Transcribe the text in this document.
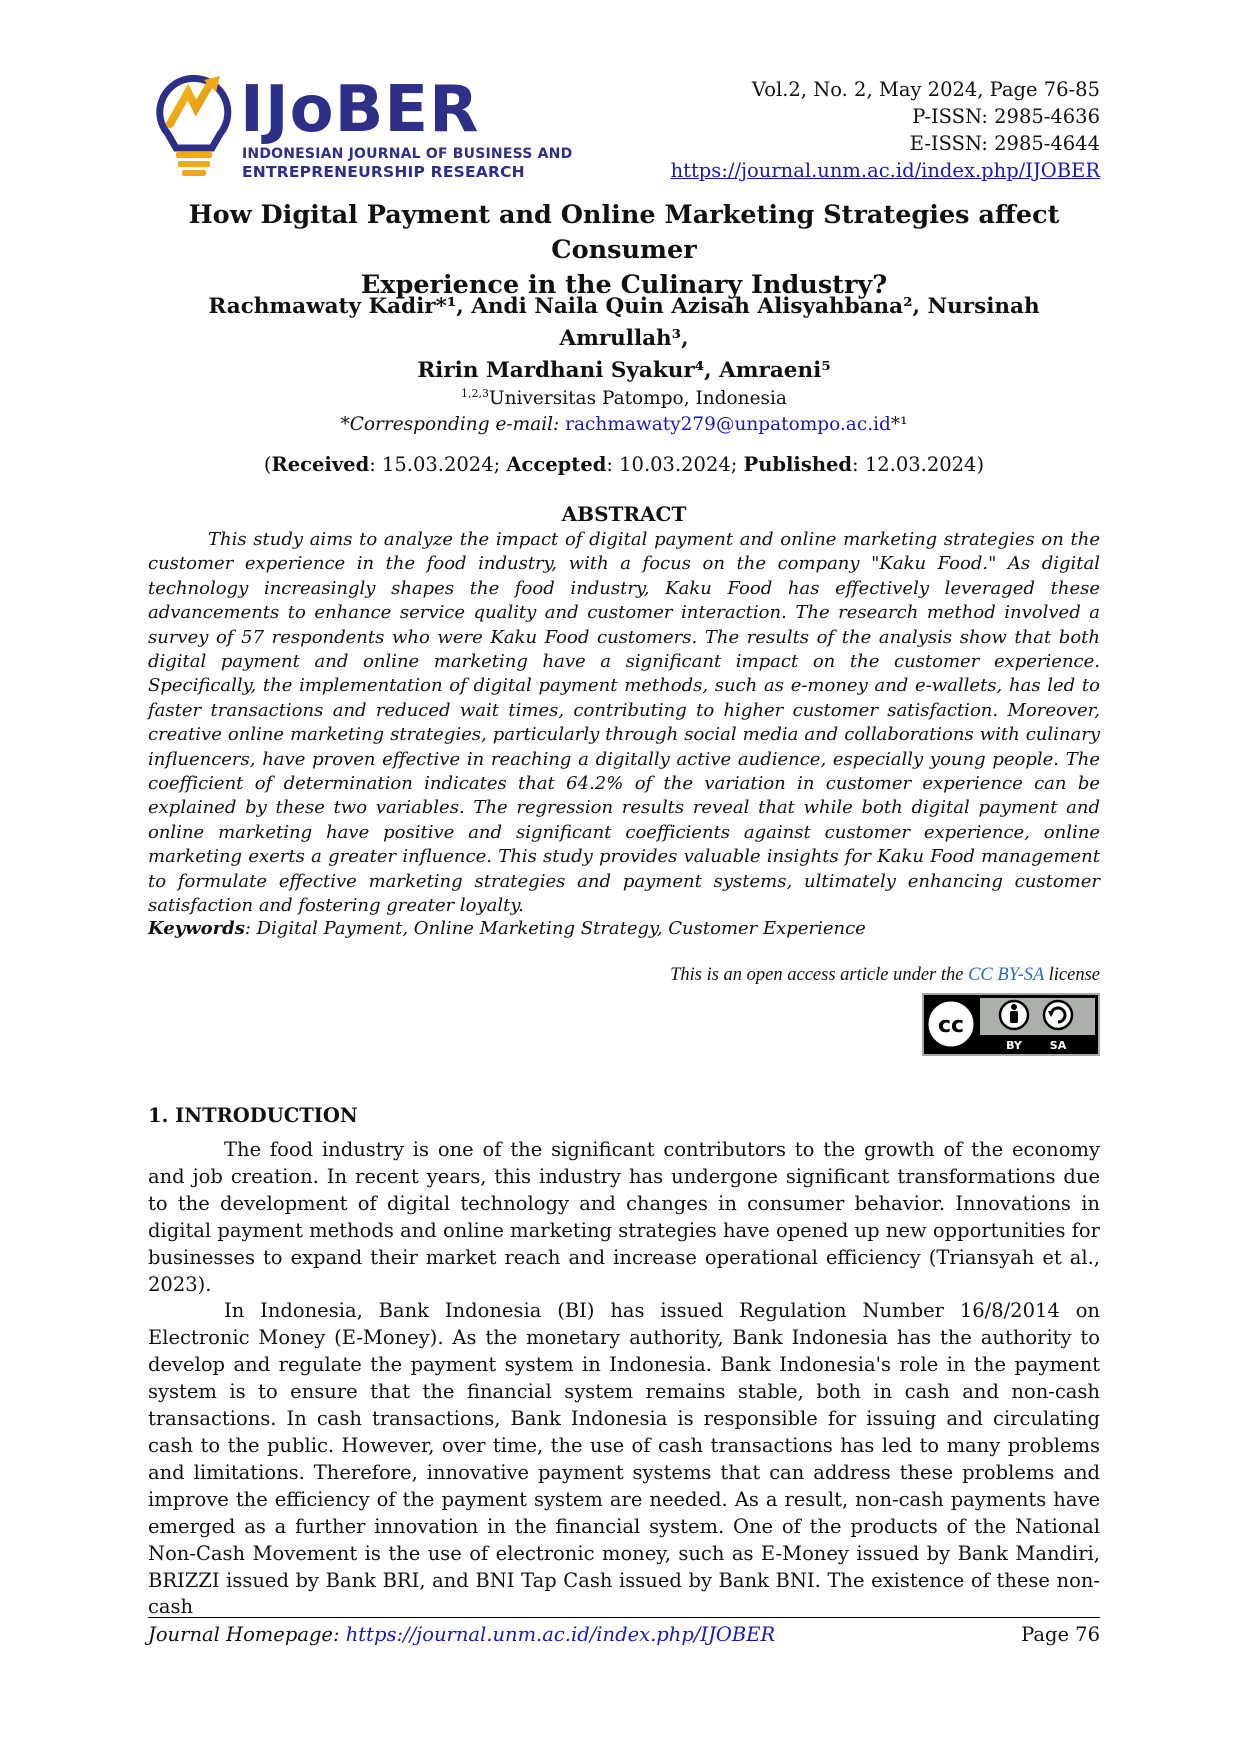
IJoBER
INDONESIAN JOURNAL OF BUSINESS AND
ENTREPRENEURSHIP RESEARCH
Vol.2, No. 2, May 2024, Page 76-85
P-ISSN: 2985-4636
E-ISSN: 2985-4644
https://journal.unm.ac.id/index.php/IJOBER
How Digital Payment and Online Marketing Strategies affect Consumer
Experience in the Culinary Industry?
Rachmawaty Kadir*¹, Andi Naila Quin Azisah Alisyahbana², Nursinah Amrullah³,
Ririn Mardhani Syakur⁴, Amraeni⁵
$^{1,2,3}$Universitas Patompo, Indonesia
*Corresponding e-mail: rachmawaty279@unpatompo.ac.id*¹
(Received: 15.03.2024; Accepted: 10.03.2024; Published: 12.03.2024)
ABSTRACT
This study aims to analyze the impact of digital payment and online marketing strategies on the customer experience in the food industry, with a focus on the company "Kaku Food." As digital technology increasingly shapes the food industry, Kaku Food has effectively leveraged these advancements to enhance service quality and customer interaction. The research method involved a survey of 57 respondents who were Kaku Food customers. The results of the analysis show that both digital payment and online marketing have a significant impact on the customer experience. Specifically, the implementation of digital payment methods, such as e-money and e-wallets, has led to faster transactions and reduced wait times, contributing to higher customer satisfaction. Moreover, creative online marketing strategies, particularly through social media and collaborations with culinary influencers, have proven effective in reaching a digitally active audience, especially young people. The coefficient of determination indicates that 64.2% of the variation in customer experience can be explained by these two variables. The regression results reveal that while both digital payment and online marketing have positive and significant coefficients against customer experience, online marketing exerts a greater influence. This study provides valuable insights for Kaku Food management to formulate effective marketing strategies and payment systems, ultimately enhancing customer satisfaction and fostering greater loyalty.
Keywords: Digital Payment, Online Marketing Strategy, Customer Experience
This is an open access article under the CC BY-SA license
cc
BY	SA
1. INTRODUCTION

The food industry is one of the significant contributors to the growth of the economy and job creation. In recent years, this industry has undergone significant transformations due to the development of digital technology and changes in consumer behavior. Innovations in digital payment methods and online marketing strategies have opened up new opportunities for businesses to expand their market reach and increase operational efficiency (Triansyah et al., 2023).

In Indonesia, Bank Indonesia (BI) has issued Regulation Number 16/8/2014 on Electronic Money (E-Money). As the monetary authority, Bank Indonesia has the authority to develop and regulate the payment system in Indonesia. Bank Indonesia's role in the payment system is to ensure that the financial system remains stable, both in cash and non-cash transactions. In cash transactions, Bank Indonesia is responsible for issuing and circulating cash to the public. However, over time, the use of cash transactions has led to many problems and limitations. Therefore, innovative payment systems that can address these problems and improve the efficiency of the payment system are needed. As a result, non-cash payments have emerged as a further innovation in the financial system. One of the products of the National Non-Cash Movement is the use of electronic money, such as E-Money issued by Bank Mandiri, BRIZZI issued by Bank BRI, and BNI Tap Cash issued by Bank BNI. The existence of these non-cash

Journal Homepage: https://journal.unm.ac.id/index.php/IJOBER	Page 76
